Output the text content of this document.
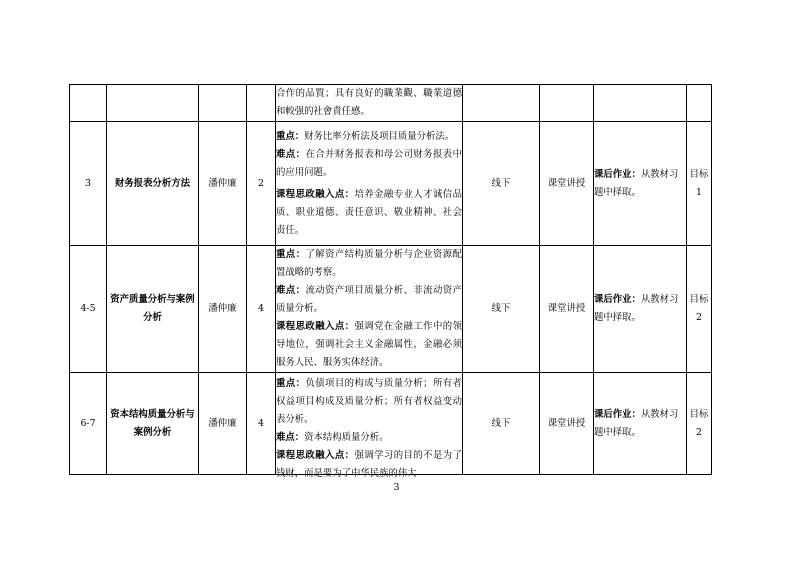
				合作的品質；具有良好的職業觀、職業道德和較强的社會責任感。				
3	财务报表分析方法	潘仲廉	2	重点：财务比率分析法及项目质量分析法。
难点：在合并财务报表和母公司财务报表中的应用问题。
课程思政融入点：培养金融专业人才诚信品质、职业道德、责任意识、敬业精神、社会责任。	线下	课堂讲授	课后作业：从教材习题中择取。	目标 1
4-5	资产质量分析与案例分析	潘仲廉	4	重点：了解资产结构质量分析与企业资源配置战略的考察。
难点：流动资产项目质量分析、非流动资产质量分析。
课程思政融入点：强调党在金融工作中的领导地位，强调社会主义金融属性，金融必须服务人民、服务实体经济。	线下	课堂讲授	课后作业：从教材习题中择取。	目标 2
6-7	资本结构质量分析与案例分析	潘仲廉	4	重点：负债项目的构成与质量分析；所有者权益项目构成及质量分析；所有者权益变动表分析。
难点：资本结构质量分析。
课程思政融入点：强调学习的目的不是为了钱财，而是要为了中华民族的伟大	线下	课堂讲授	课后作业：从教材习题中择取。	目标 2
3
